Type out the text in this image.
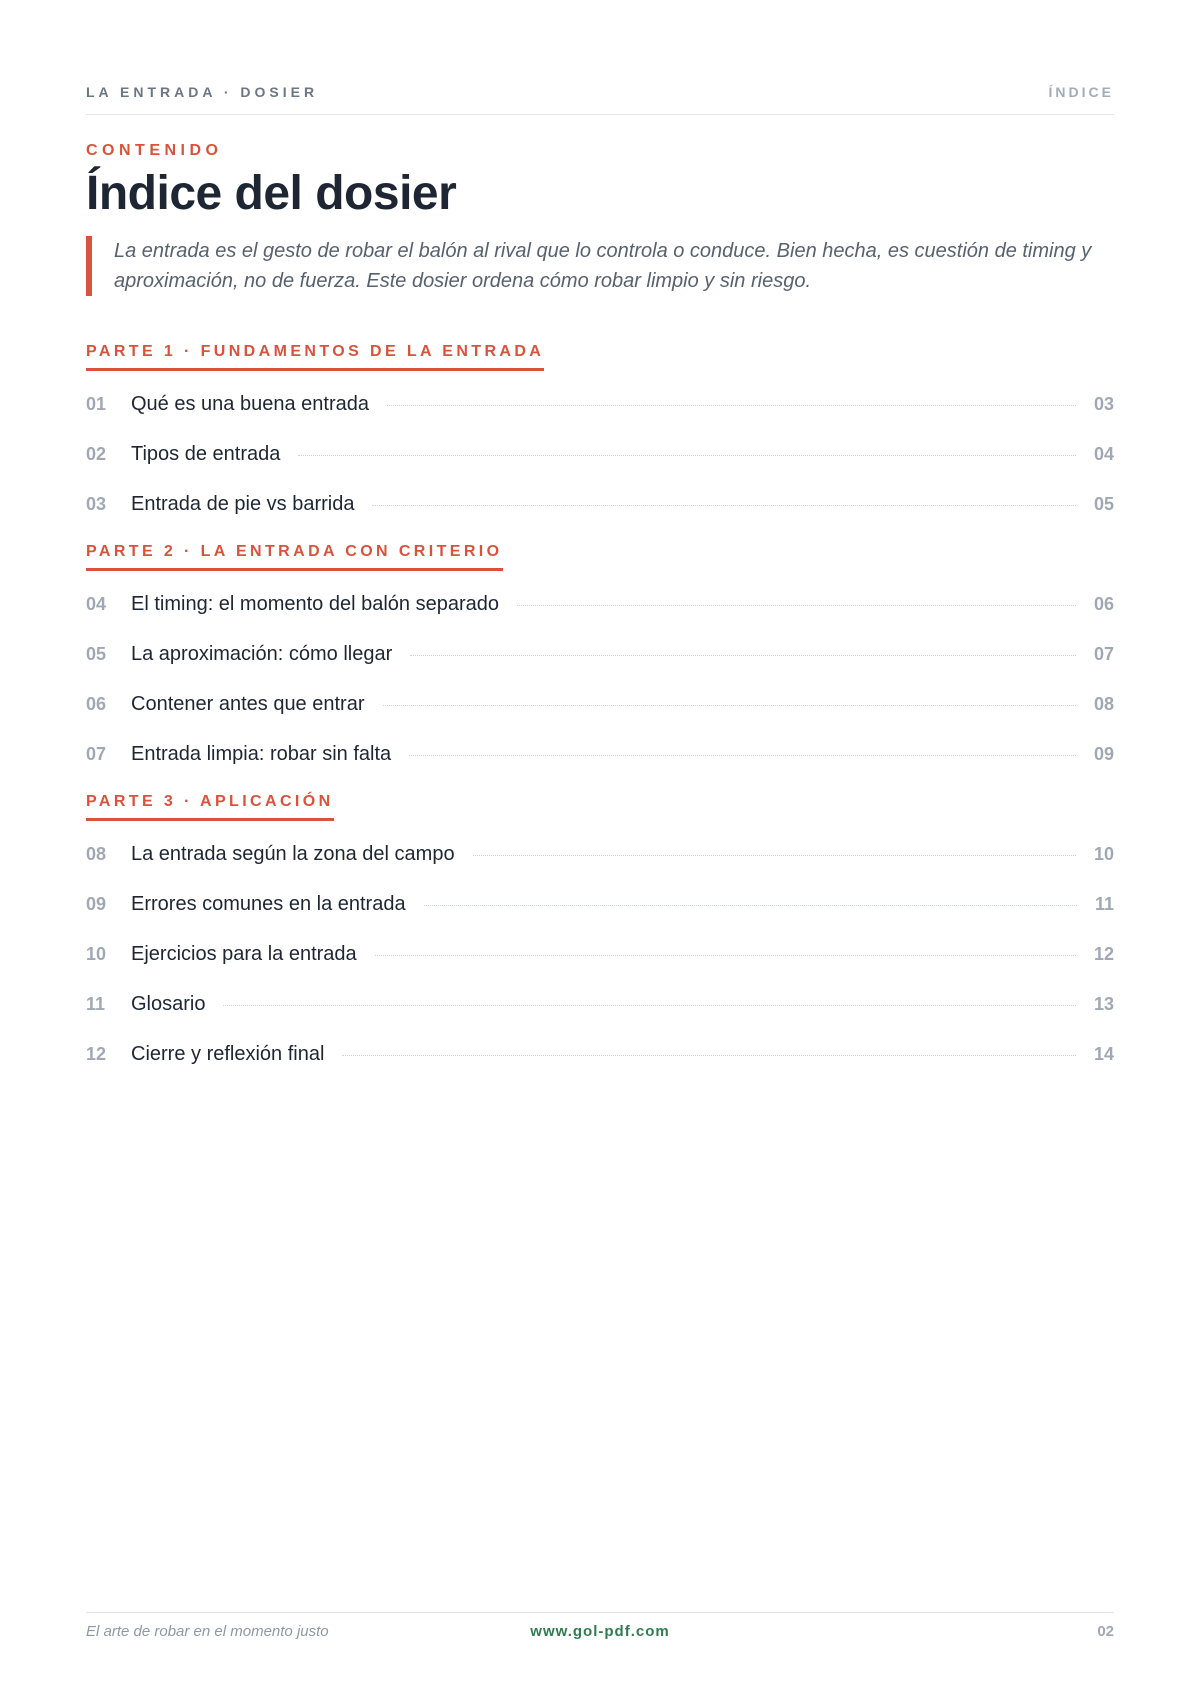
LA ENTRADA · DOSIER	ÍNDICE
CONTENIDO
Índice del dosier
La entrada es el gesto de robar el balón al rival que lo controla o conduce. Bien hecha, es cuestión de timing y aproximación, no de fuerza. Este dosier ordena cómo robar limpio y sin riesgo.
PARTE 1 · FUNDAMENTOS DE LA ENTRADA
01	Qué es una buena entrada	03
02	Tipos de entrada	04
03	Entrada de pie vs barrida	05
PARTE 2 · LA ENTRADA CON CRITERIO
04	El timing: el momento del balón separado	06
05	La aproximación: cómo llegar	07
06	Contener antes que entrar	08
07	Entrada limpia: robar sin falta	09
PARTE 3 · APLICACIÓN
08	La entrada según la zona del campo	10
09	Errores comunes en la entrada	11
10	Ejercicios para la entrada	12
11	Glosario	13
12	Cierre y reflexión final	14
El arte de robar en el momento justo	www.gol-pdf.com	02
